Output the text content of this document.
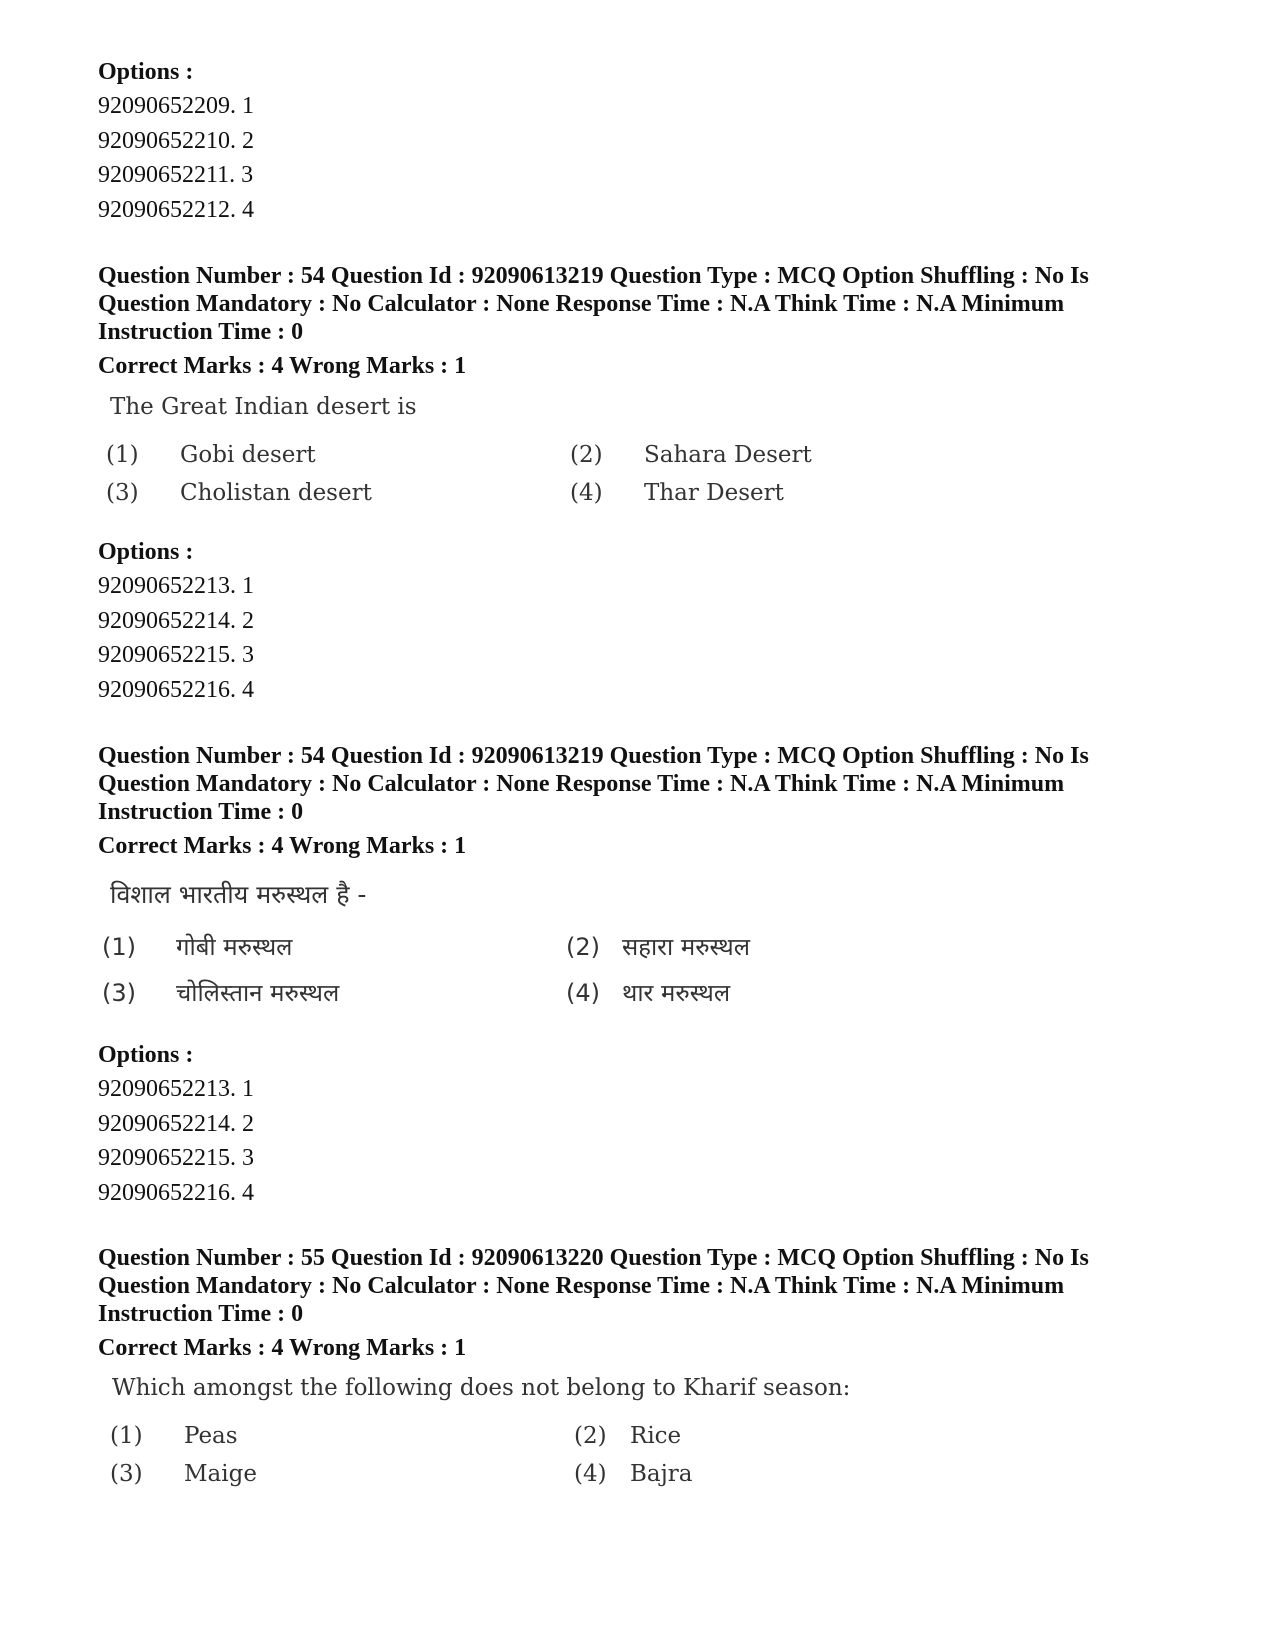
Options :
92090652209. 1
92090652210. 2
92090652211. 3
92090652212. 4
Question Number : 54 Question Id : 92090613219 Question Type : MCQ Option Shuffling : No Is
Question Mandatory : No Calculator : None Response Time : N.A Think Time : N.A Minimum
Instruction Time : 0
Correct Marks : 4 Wrong Marks : 1
The Great Indian desert is
(1) Gobi desert	(2) Sahara Desert
(3) Cholistan desert	(4) Thar Desert
Options :
92090652213. 1
92090652214. 2
92090652215. 3
92090652216. 4
Question Number : 54 Question Id : 92090613219 Question Type : MCQ Option Shuffling : No Is
Question Mandatory : No Calculator : None Response Time : N.A Think Time : N.A Minimum
Instruction Time : 0
Correct Marks : 4 Wrong Marks : 1
विशाल भारतीय मरुस्थल है -
(1) गोबी मरुस्थल	(2) सहारा मरुस्थल
(3) चोलिस्तान मरुस्थल	(4) थार मरुस्थल
Options :
92090652213. 1
92090652214. 2
92090652215. 3
92090652216. 4
Question Number : 55 Question Id : 92090613220 Question Type : MCQ Option Shuffling : No Is
Question Mandatory : No Calculator : None Response Time : N.A Think Time : N.A Minimum
Instruction Time : 0
Correct Marks : 4 Wrong Marks : 1
Which amongst the following does not belong to Kharif season:
(1) Peas	(2) Rice
(3) Maige	(4) Bajra
